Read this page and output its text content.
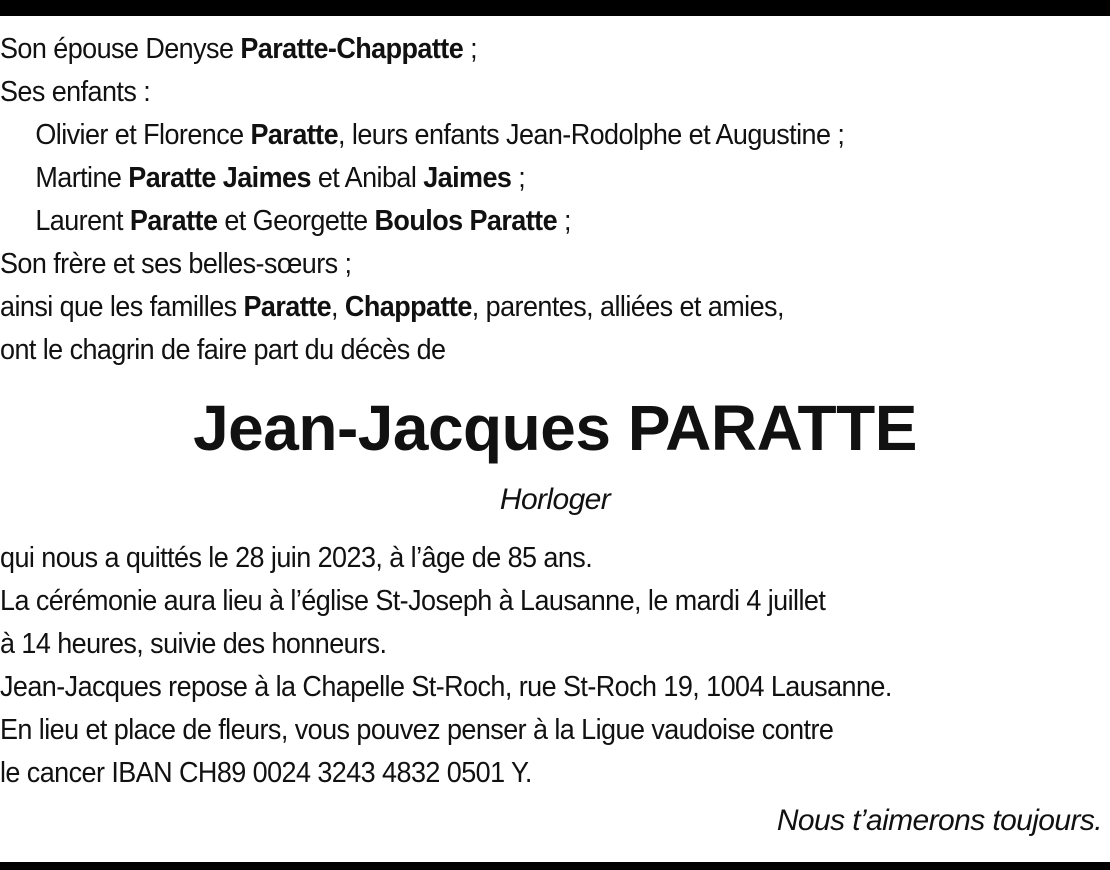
Son épouse Denyse Paratte-Chappatte ;
Ses enfants :
Olivier et Florence Paratte, leurs enfants Jean-Rodolphe et Augustine ;
Martine Paratte Jaimes et Anibal Jaimes ;
Laurent Paratte et Georgette Boulos Paratte ;
Son frère et ses belles-sœurs ;
ainsi que les familles Paratte, Chappatte, parentes, alliées et amies,
ont le chagrin de faire part du décès de
Jean-Jacques PARATTE
Horloger
qui nous a quittés le 28 juin 2023, à l’âge de 85 ans.
La cérémonie aura lieu à l’église St-Joseph à Lausanne, le mardi 4 juillet
à 14 heures, suivie des honneurs.
Jean-Jacques repose à la Chapelle St-Roch, rue St-Roch 19, 1004 Lausanne.
En lieu et place de fleurs, vous pouvez penser à la Ligue vaudoise contre
le cancer IBAN CH89 0024 3243 4832 0501 Y.
Nous t’aimerons toujours.
